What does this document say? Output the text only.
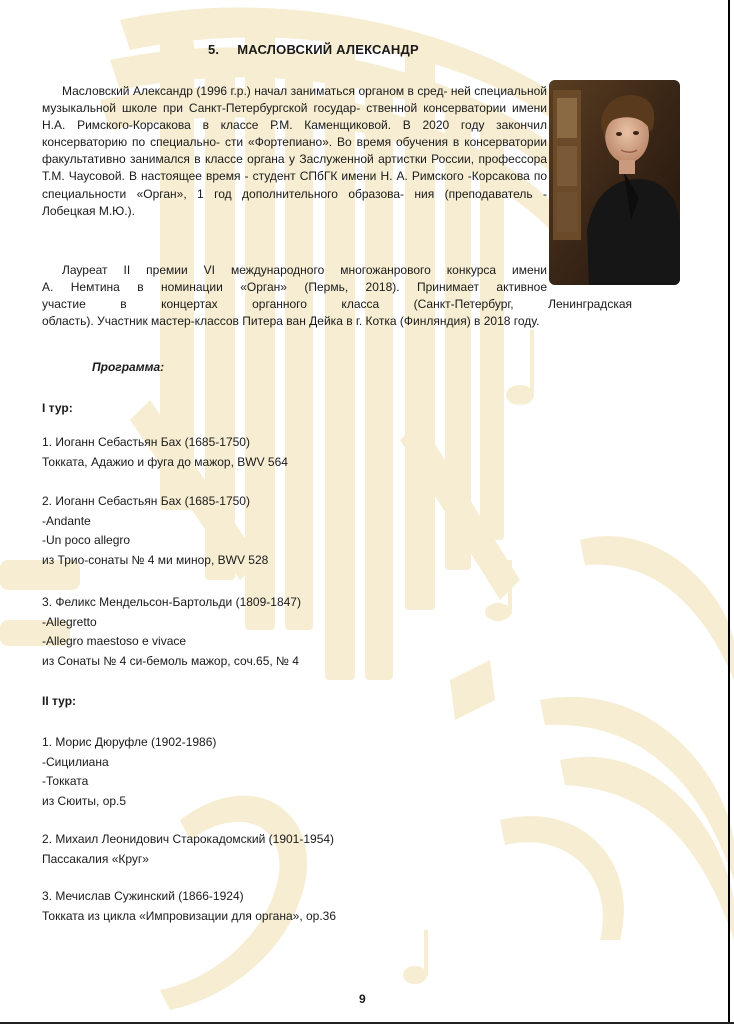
5. МАСЛОВСКИЙ АЛЕКСАНДР

Масловский Александр (1996 г.р.) начал заниматься органом в сред- ней специальной музыкальной школе при Санкт-Петербургской государ- ственной консерватории имени Н.А. Римского-Корсакова в классе Р.М. Каменщиковой. В 2020 году закончил консерваторию по специально- сти «Фортепиано». Во время обучения в консерватории факультативно занимался в классе органа у Заслуженной артистки России, профессора Т.М. Чаусовой. В настоящее время - студент СПбГК имени Н. А. Римского -Корсакова по специальности «Орган», 1 год дополнительного образова- ния (преподаватель - Лобецкая М.Ю.).

Лауреат II премии VI международного многожанрового конкурса имени
А. Немтина в номинации «Орган» (Пермь, 2018). Принимает активное
участие в концертах органного класса (Санкт-Петербург, Ленинградская
область). Участник мастер-классов Питера ван Дейка в г. Котка (Финляндия) в 2018 году.
Программа:
I тур:
1. Иоганн Себастьян Бах (1685-1750)
Токката, Адажио и фуга до мажор, BWV 564
2. Иоганн Себастьян Бах (1685-1750)
-Andante
-Un poco allegro
из Трио-сонаты № 4 ми минор, BWV 528
3. Феликс Мендельсон-Бартольди (1809-1847)
-Allegretto
-Allegro maestoso e vivace
из Сонаты № 4 си-бемоль мажор, соч.65, № 4
II тур:
1. Морис Дюруфле (1902-1986)
-Сицилиана
-Токката
из Сюиты, ор.5
2. Михаил Леонидович Старокадомский (1901-1954)
Пассакалия «Круг»
3. Мечислав Сужинский (1866-1924)
Токката из цикла «Импровизации для органа», ор.36
9
